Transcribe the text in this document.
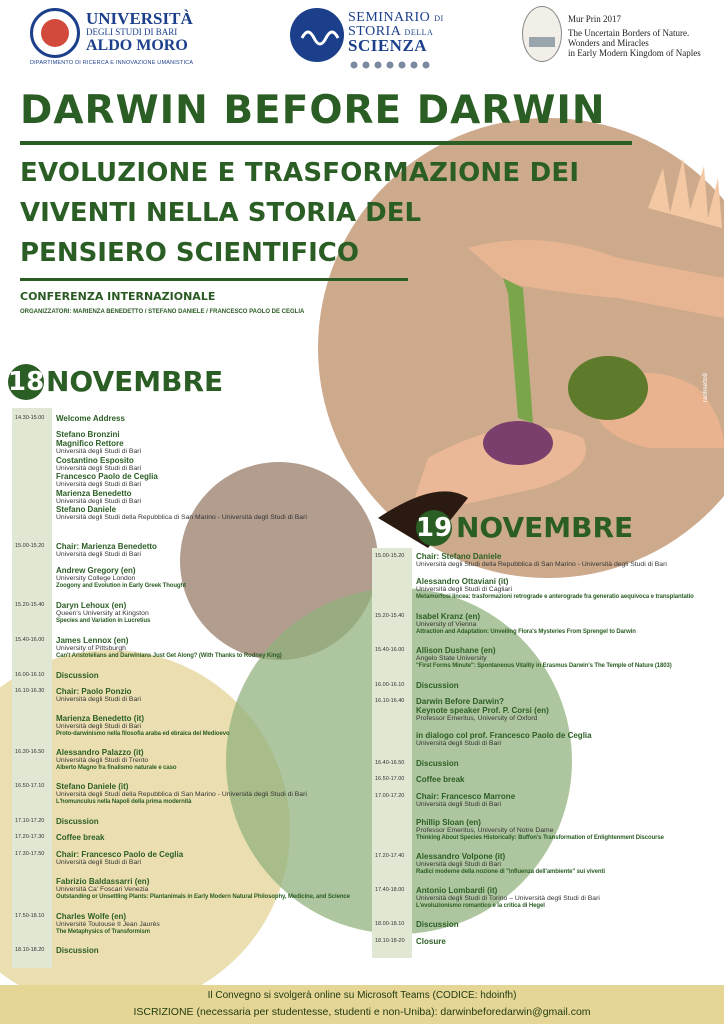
UNIVERSITÀ
DEGLI STUDI DI BARI
ALDO MORO
DIPARTIMENTO DI RICERCA E INNOVAZIONE UMANISTICA
SEMINARIO DI
STORIA DELLA
SCIENZA
Mur Prin 2017
The Uncertain Borders of Nature.
Wonders and Miracles
in Early Modern Kingdom of Naples
DARWIN BEFORE DARWIN
EVOLUZIONE E TRASFORMAZIONE DEI
VIVENTI NELLA STORIA DEL
PENSIERO SCIENTIFICO
CONFERENZA INTERNAZIONALE
ORGANIZZATORI: MARIENZA BENEDETTO / STEFANO DANIELE / FRANCESCO PAOLO DE CEGLIA
ranfreetto9
18 NOVEMBRE
14.30-15.00 Welcome Address
Stefano Bronzini
Magnifico Rettore
Università degli Studi di Bari
Costantino Esposito
Università degli Studi di Bari
Francesco Paolo de Ceglia
Università degli Studi di Bari
Marienza Benedetto
Università degli Studi di Bari
Stefano Daniele
Università degli Studi della Repubblica di San Marino - Università degli Studi di Bari
15.00-15.20 Chair: Marienza Benedetto
Università degli Studi di Bari
Andrew Gregory (en)
University College London
Zoogony and Evolution in Early Greek Thought
15.20-15.40 Daryn Lehoux (en)
Queen's University at Kingston
Species and Variation in Lucretius
15.40-16.00 James Lennox (en)
University of Pittsburgh
Can't Aristotelians and Darwinians Just Get Along? (With Thanks to Rodney King)
16.00-16.10 Discussion
16.10-16.30 Chair: Paolo Ponzio
Università degli Studi di Bari
Marienza Benedetto (it)
Università degli Studi di Bari
Proto-darwinismo nella filosofia araba ed ebraica del Medioevo
16.30-16.50 Alessandro Palazzo (it)
Università degli Studi di Trento
Alberto Magno fra finalismo naturale e caso
16.50-17.10 Stefano Daniele (it)
Università degli Studi della Repubblica di San Marino - Università degli Studi di Bari
L'homunculus nella Napoli della prima modernità
17.10-17.20 Discussion
17.20-17.30 Coffee break
17.30-17.50 Chair: Francesco Paolo de Ceglia
Università degli Studi di Bari
Fabrizio Baldassarri (en)
Università Ca' Foscari Venezia
Outstanding or Unsettling Plants: Plantanimals in Early Modern Natural Philosophy, Medicine, and Science
17.50-18.10 Charles Wolfe (en)
Université Toulouse II Jean Jaurès
The Metaphysics of Transformism
18.10-18.20 Discussion
19 NOVEMBRE
15.00-15.20 Chair: Stefano Daniele
Università degli Studi della Repubblica di San Marino - Università degli Studi di Bari
Alessandro Ottaviani (it)
Università degli Studi di Cagliari
Metamorfosi lincea: trasformazioni retrograde e anterograde fra generatio aequivoca e transplantatio
15.20-15.40 Isabel Kranz (en)
University of Vienna
Attraction and Adaptation: Unveiling Flora's Mysteries From Sprengel to Darwin
15.40-16.00 Allison Dushane (en)
Angelo State University
"First Forms Minute": Spontaneous Vitality in Erasmus Darwin's The Temple of Nature (1803)
16.00-16.10 Discussion
16.10-16.40 Darwin Before Darwin?
Keynote speaker Prof. P. Corsi (en)
Professor Emeritus, University of Oxford
in dialogo col prof. Francesco Paolo de Ceglia
Università degli Studi di Bari
16.40-16.50 Discussion
16.50-17.00 Coffee break
17.00-17.20 Chair: Francesco Marrone
Università degli Studi di Bari
Phillip Sloan (en)
Professor Emeritus, University of Notre Dame
Thinking About Species Historically: Buffon's Transformation of Enlightenment Discourse
17.20-17.40 Alessandro Volpone (it)
Università degli Studi di Bari
Radici moderne della nozione di "influenza dell'ambiente" sui viventi
17.40-18.00 Antonio Lombardi (it)
Università degli Studi di Torino – Università degli Studi di Bari
L'evoluzionismo romantico e la critica di Hegel
18.00-18.10 Discussion
18.10-18-20 Closure
Il Convegno si svolgerà online su Microsoft Teams (CODICE: hdoinfh)
ISCRIZIONE (necessaria per studentesse, studenti e non-Uniba): darwinbeforedarwin@gmail.com
